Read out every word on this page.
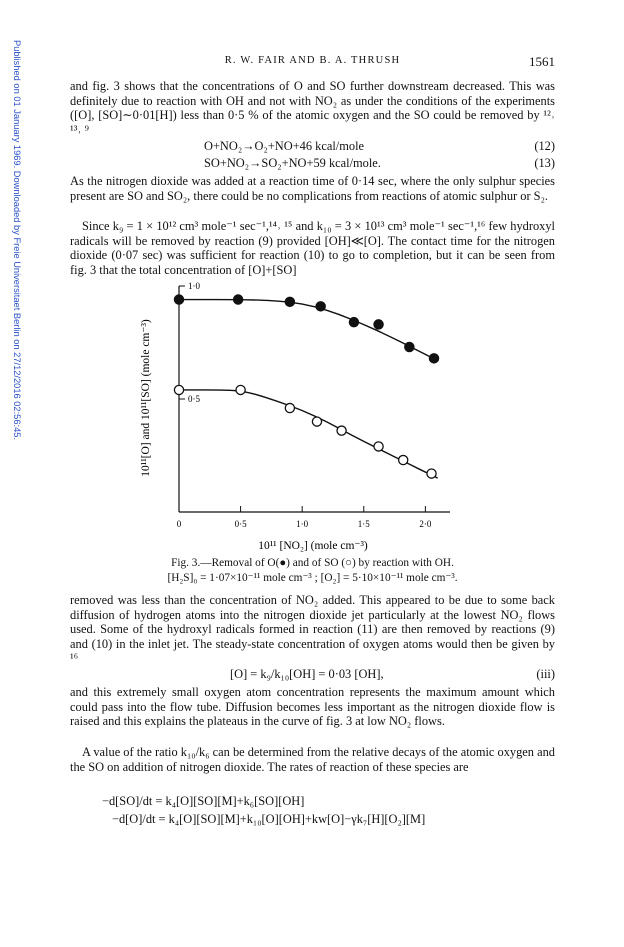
Published on 01 January 1969. Downloaded by Freie Universitaet Berlin on 27/12/2016 02:56:45.	R. W. FAIR AND B. A. THRUSH	1561

and fig. 3 shows that the concentrations of O and SO further downstream decreased. This was definitely due to reaction with OH and not with NO₂ as under the conditions of the experiments ([O], [SO]∼0·01[H]) less than 0·5 % of the atomic oxygen and the SO could be removed by ¹²˒ ¹³˒ ⁹

O+NO₂→O₂+NO+46 kcal/mole	(12)
SO+NO₂→SO₂+NO+59 kcal/mole.	(13)

As the nitrogen dioxide was added at a reaction time of 0·14 sec, where the only sulphur species present are SO and SO₂, there could be no complications from reactions of atomic sulphur or S₂.

Since k₉ = 1 × 10¹² cm³ mole⁻¹ sec⁻¹,¹⁴˒ ¹⁵ and k₁₀ = 3 × 10¹³ cm³ mole⁻¹ sec⁻¹,¹⁶ few hydroxyl radicals will be removed by reaction (9) provided [OH]≪[O]. The contact time for the nitrogen dioxide (0·07 sec) was sufficient for reaction (10) to go to completion, but it can be seen from fig. 3 that the total concentration of [O]+[SO]

0	0·5	1·0	1·5	2·0
0·5
1·0
10¹¹[O] and 10¹¹[SO] (mole cm⁻³)
10¹¹ [NO₂] (mole cm⁻³)
Fig. 3.—Removal of O(●) and of SO (○) by reaction with OH.
[H₂S]₀ = 1·07×10⁻¹¹ mole cm⁻³ ; [O₂] = 5·10×10⁻¹¹ mole cm⁻³.

removed was less than the concentration of NO₂ added. This appeared to be due to some back diffusion of hydrogen atoms into the nitrogen dioxide jet particularly at the lowest NO₂ flows used. Some of the hydroxyl radicals formed in reaction (11) are then removed by reactions (9) and (10) in the inlet jet. The steady-state concentration of oxygen atoms would then be given by ¹⁶

[O] = k₉/k₁₀[OH] = 0·03 [OH],	(iii)

and this extremely small oxygen atom concentration represents the maximum amount which could pass into the flow tube. Diffusion becomes less important as the nitrogen dioxide flow is raised and this explains the plateaus in the curve of fig. 3 at low NO₂ flows.

A value of the ratio k₁₀/k₆ can be determined from the relative decays of the atomic oxygen and the SO on addition of nitrogen dioxide. The rates of reaction of these species are

−d[SO]/dt = k₄[O][SO][M]+k₆[SO][OH]
−d[O]/dt = k₄[O][SO][M]+k₁₀[O][OH]+kw[O]−γk₇[H][O₂][M]
